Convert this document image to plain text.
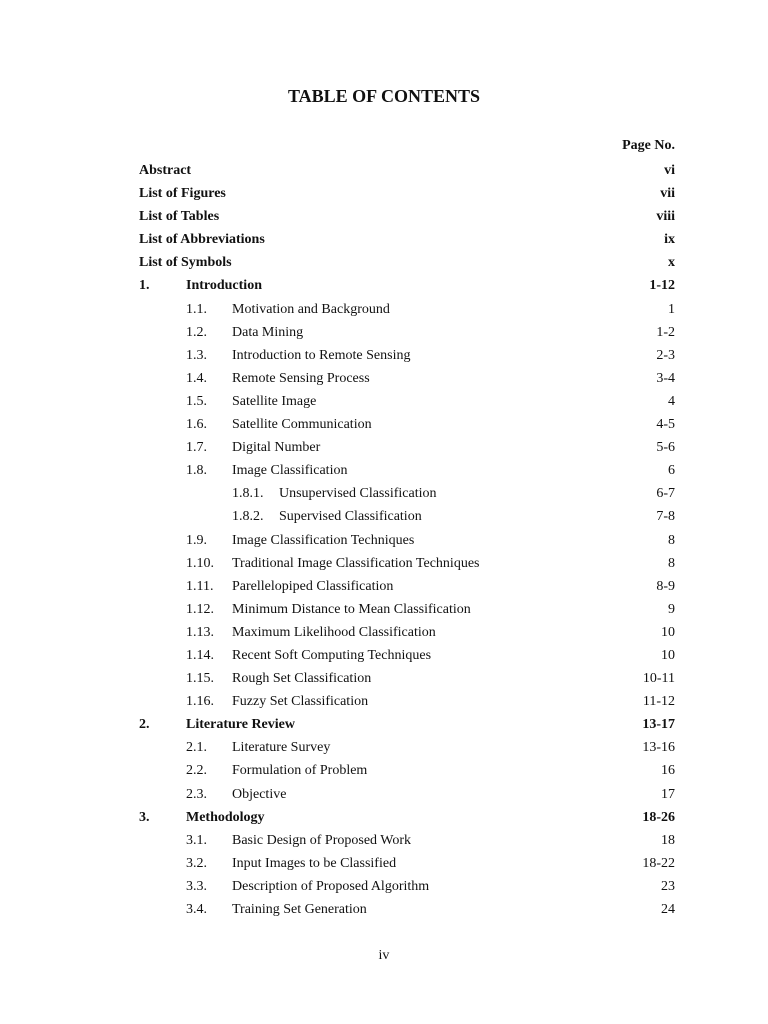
TABLE OF CONTENTS
Page No.
Abstract	vi
List of Figures	vii
List of Tables	viii
List of Abbreviations	ix
List of Symbols	x
1.	Introduction	1-12
1.1. Motivation and Background	1
1.2. Data Mining	1-2
1.3. Introduction to Remote Sensing	2-3
1.4. Remote Sensing Process	3-4
1.5. Satellite Image	4
1.6. Satellite Communication	4-5
1.7. Digital Number	5-6
1.8. Image Classification	6
1.8.1. Unsupervised Classification	6-7
1.8.2. Supervised Classification	7-8
1.9. Image Classification Techniques	8
1.10. Traditional Image Classification Techniques	8
1.11. Parellelopiped Classification	8-9
1.12. Minimum Distance to Mean Classification	9
1.13. Maximum Likelihood Classification	10
1.14. Recent Soft Computing Techniques	10
1.15. Rough Set Classification	10-11
1.16. Fuzzy Set Classification	11-12
2.	Literature Review	13-17
2.1. Literature Survey	13-16
2.2. Formulation of Problem	16
2.3. Objective	17
3.	Methodology	18-26
3.1. Basic Design of Proposed Work	18
3.2. Input Images to be Classified	18-22
3.3. Description of Proposed Algorithm	23
3.4. Training Set Generation	24
iv
